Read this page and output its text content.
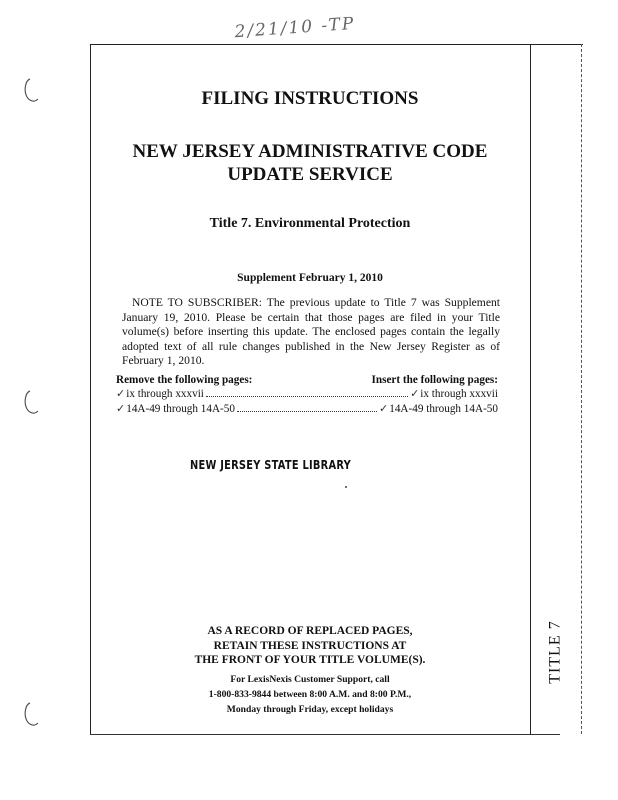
2/21/10 -TP
TITLE 7
FILING INSTRUCTIONS
NEW JERSEY ADMINISTRATIVE CODE
UPDATE SERVICE
Title 7. Environmental Protection
Supplement February 1, 2010

NOTE TO SUBSCRIBER: The previous update to Title 7 was Supplement January 19, 2010. Please be certain that those pages are filed in your Title volume(s) before inserting this update. The enclosed pages contain the legally adopted text of all rule changes published in the New Jersey Register as of February 1, 2010.

Remove the following pages:	Insert the following pages:
✓ix through xxxvii	✓ix through xxxvii
✓14A-49 through 14A-50	✓14A-49 through 14A-50
NEW JERSEY STATE LIBRARY
AS A RECORD OF REPLACED PAGES,
RETAIN THESE INSTRUCTIONS AT
THE FRONT OF YOUR TITLE VOLUME(S).
For LexisNexis Customer Support, call
1-800-833-9844 between 8:00 A.M. and 8:00 P.M.,
Monday through Friday, except holidays
